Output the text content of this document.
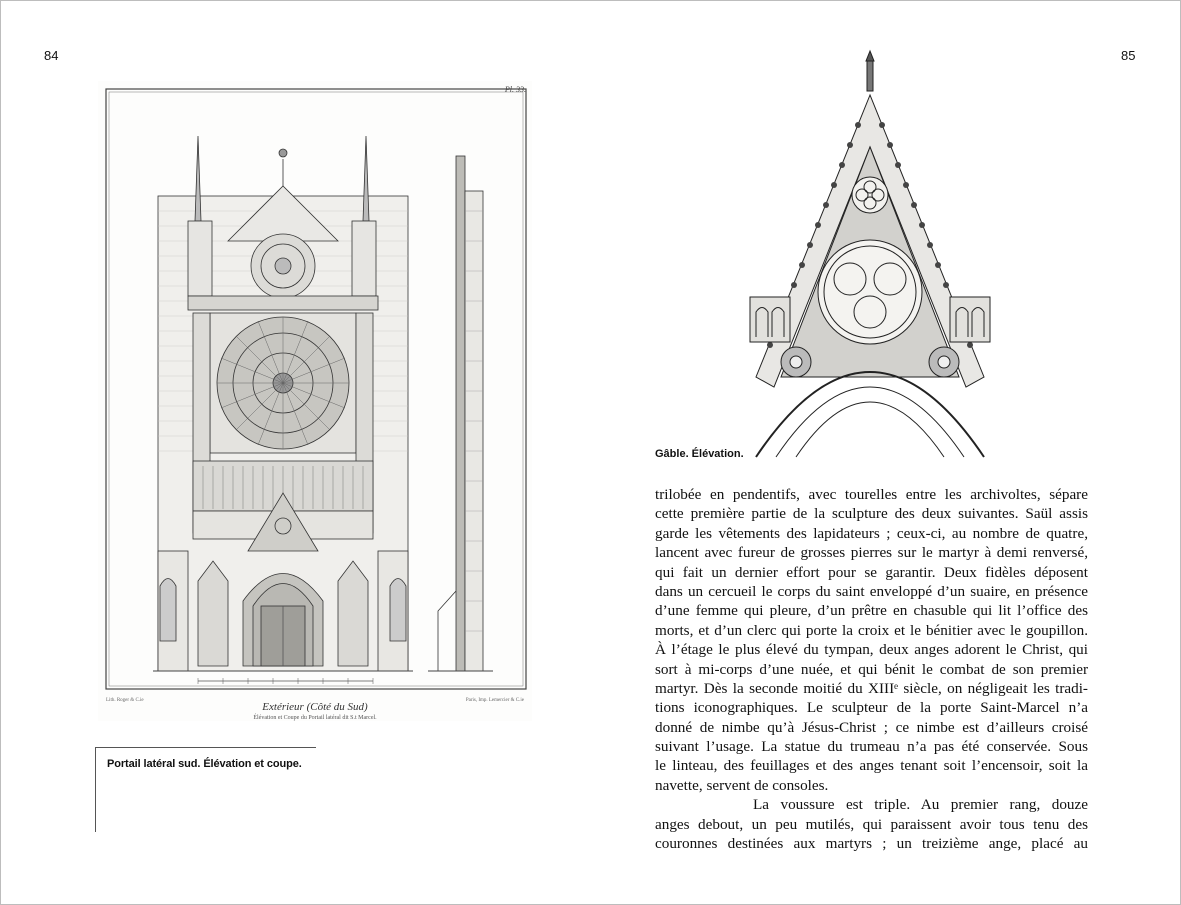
84	85
Pl. 33.
Lith. Roger & C.ie	Paris, Imp. Lemercier & C.ie
Extérieur (Côté du Sud)
Élévation et Coupe du Portail latéral dit S.t Marcel.
Portail latéral sud. Élévation et coupe.
Gâble. Élévation.
trilobée en pendentifs, avec tourelles entre les archivoltes, sépare
cette première partie de la sculpture des deux suivantes. Saül assis
garde les vêtements des lapidateurs ; ceux-ci, au nombre de quatre,
lancent avec fureur de grosses pierres sur le martyr à demi renversé,
qui fait un dernier effort pour se garantir. Deux fidèles déposent
dans un cercueil le corps du saint enveloppé d’un suaire, en présence
d’une femme qui pleure, d’un prêtre en chasuble qui lit l’office des
morts, et d’un clerc qui porte la croix et le bénitier avec le goupillon.
À l’étage le plus élevé du tympan, deux anges adorent le Christ, qui
sort à mi-corps d’une nuée, et qui bénit le combat de son premier
martyr. Dès la seconde moitié du XIIIᵉ siècle, on négligeait les tradi-
tions iconographiques. Le sculpteur de la porte Saint-Marcel n’a
donné de nimbe qu’à Jésus-Christ ; ce nimbe est d’ailleurs croisé
suivant l’usage. La statue du trumeau n’a pas été conservée. Sous
le linteau, des feuillages et des anges tenant soit l’encensoir, soit la
navette, servent de consoles.
La voussure est triple. Au premier rang, douze
anges debout, un peu mutilés, qui paraissent avoir tous tenu des
couronnes destinées aux martyrs ; un treizième ange, placé au
